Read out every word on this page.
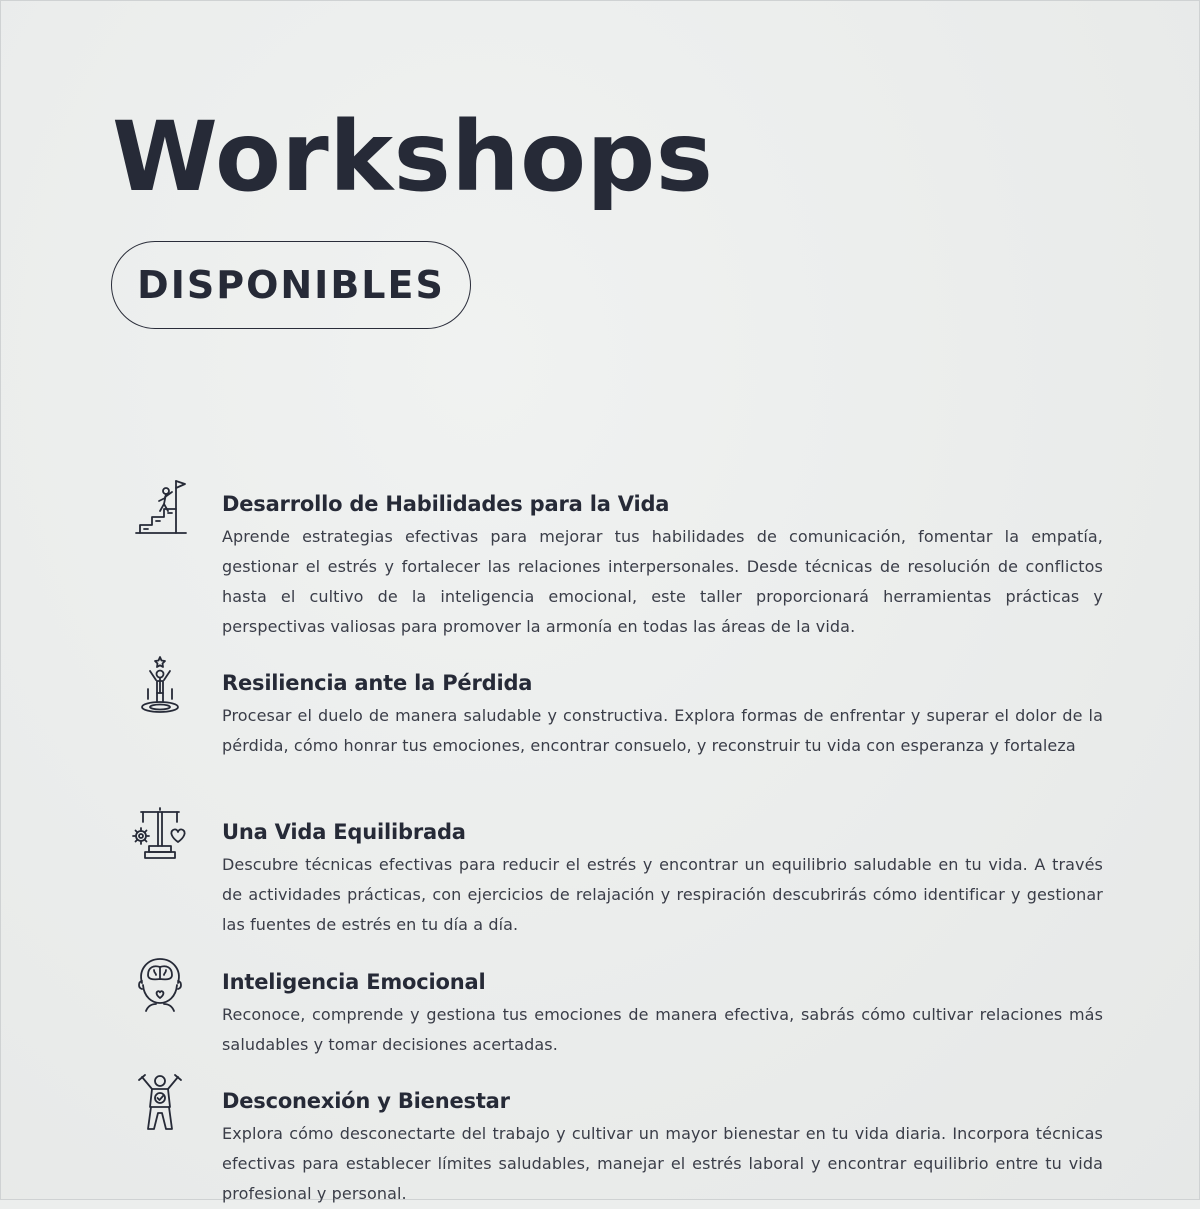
Workshops
DISPONIBLES
Desarrollo de Habilidades para la Vida

Aprende estrategias efectivas para mejorar tus habilidades de comunicación, fomentar la empatía, gestionar el estrés y fortalecer las relaciones interpersonales. Desde técnicas de resolución de conflictos hasta el cultivo de la inteligencia emocional, este taller proporcionará herramientas prácticas y perspectivas valiosas para promover la armonía en todas las áreas de la vida.

Resiliencia ante la Pérdida

Procesar el duelo de manera saludable y constructiva. Explora formas de enfrentar y superar el dolor de la pérdida, cómo honrar tus emociones, encontrar consuelo, y reconstruir tu vida con esperanza y fortaleza

Una Vida Equilibrada

Descubre técnicas efectivas para reducir el estrés y encontrar un equilibrio saludable en tu vida. A través de actividades prácticas, con ejercicios de relajación y respiración descubrirás cómo identificar y gestionar las fuentes de estrés en tu día a día.

Inteligencia Emocional

Reconoce, comprende y gestiona tus emociones de manera efectiva, sabrás cómo cultivar relaciones más saludables y tomar decisiones acertadas.

Desconexión y Bienestar

Explora cómo desconectarte del trabajo y cultivar un mayor bienestar en tu vida diaria. Incorpora técnicas efectivas para establecer límites saludables, manejar el estrés laboral y encontrar equilibrio entre tu vida profesional y personal.
